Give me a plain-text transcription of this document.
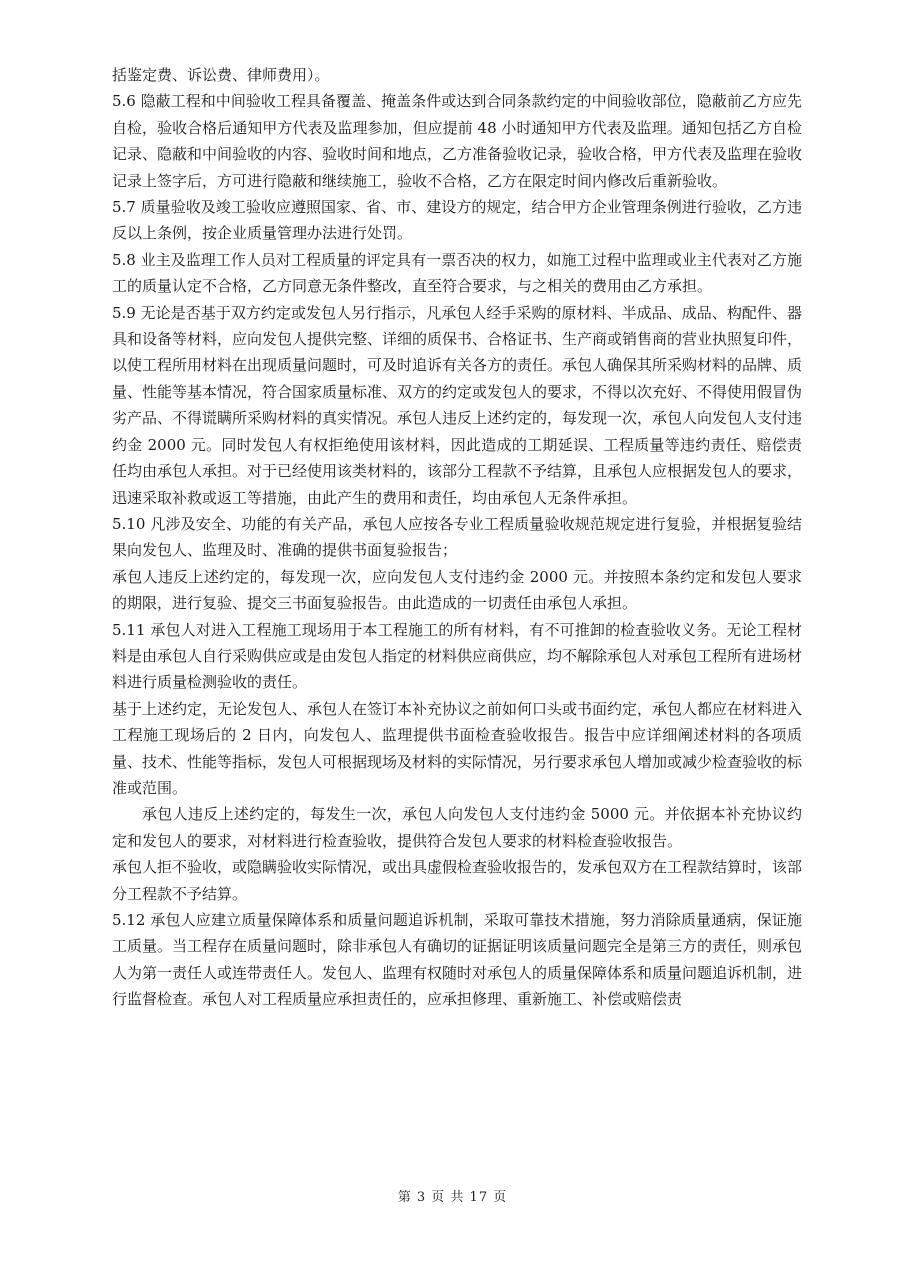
括鉴定费、诉讼费、律师费用）。

5.6 隐蔽工程和中间验收工程具备覆盖、掩盖条件或达到合同条款约定的中间验收部位，隐蔽前乙方应先自检，验收合格后通知甲方代表及监理参加，但应提前 48 小时通知甲方代表及监理。通知包括乙方自检记录、隐蔽和中间验收的内容、验收时间和地点，乙方准备验收记录，验收合格，甲方代表及监理在验收记录上签字后，方可进行隐蔽和继续施工，验收不合格，乙方在限定时间内修改后重新验收。

5.7 质量验收及竣工验收应遵照国家、省、市、建设方的规定，结合甲方企业管理条例进行验收，乙方违反以上条例，按企业质量管理办法进行处罚。

5.8 业主及监理工作人员对工程质量的评定具有一票否决的权力，如施工过程中监理或业主代表对乙方施工的质量认定不合格，乙方同意无条件整改，直至符合要求，与之相关的费用由乙方承担。

5.9 无论是否基于双方约定或发包人另行指示，凡承包人经手采购的原材料、半成品、成品、构配件、器具和设备等材料，应向发包人提供完整、详细的质保书、合格证书、生产商或销售商的营业执照复印件，以使工程所用材料在出现质量问题时，可及时追诉有关各方的责任。承包人确保其所采购材料的品牌、质量、性能等基本情况，符合国家质量标准、双方的约定或发包人的要求，不得以次充好、不得使用假冒伪劣产品、不得谎瞒所采购材料的真实情况。承包人违反上述约定的，每发现一次，承包人向发包人支付违约金 2000 元。同时发包人有权拒绝使用该材料，因此造成的工期延误、工程质量等违约责任、赔偿责任均由承包人承担。对于已经使用该类材料的，该部分工程款不予结算，且承包人应根据发包人的要求，迅速采取补救或返工等措施，由此产生的费用和责任，均由承包人无条件承担。

5.10 凡涉及安全、功能的有关产品，承包人应按各专业工程质量验收规范规定进行复验，并根据复验结果向发包人、监理及时、准确的提供书面复验报告；

承包人违反上述约定的，每发现一次，应向发包人支付违约金 2000 元。并按照本条约定和发包人要求的期限，进行复验、提交三书面复验报告。由此造成的一切责任由承包人承担。

5.11 承包人对进入工程施工现场用于本工程施工的所有材料，有不可推卸的检查验收义务。无论工程材料是由承包人自行采购供应或是由发包人指定的材料供应商供应，均不解除承包人对承包工程所有进场材料进行质量检测验收的责任。

基于上述约定，无论发包人、承包人在签订本补充协议之前如何口头或书面约定，承包人都应在材料进入工程施工现场后的 2 日内，向发包人、监理提供书面检查验收报告。报告中应详细阐述材料的各项质量、技术、性能等指标，发包人可根据现场及材料的实际情况，另行要求承包人增加或减少检查验收的标准或范围。

承包人违反上述约定的，每发生一次，承包人向发包人支付违约金 5000 元。并依据本补充协议约定和发包人的要求，对材料进行检查验收，提供符合发包人要求的材料检查验收报告。

承包人拒不验收，或隐瞒验收实际情况，或出具虚假检查验收报告的，发承包双方在工程款结算时，该部分工程款不予结算。

5.12 承包人应建立质量保障体系和质量问题追诉机制，采取可靠技术措施，努力消除质量通病，保证施工质量。当工程存在质量问题时，除非承包人有确切的证据证明该质量问题完全是第三方的责任，则承包人为第一责任人或连带责任人。发包人、监理有权随时对承包人的质量保障体系和质量问题追诉机制，进行监督检查。承包人对工程质量应承担责任的，应承担修理、重新施工、补偿或赔偿责

第 3 页 共 17 页
